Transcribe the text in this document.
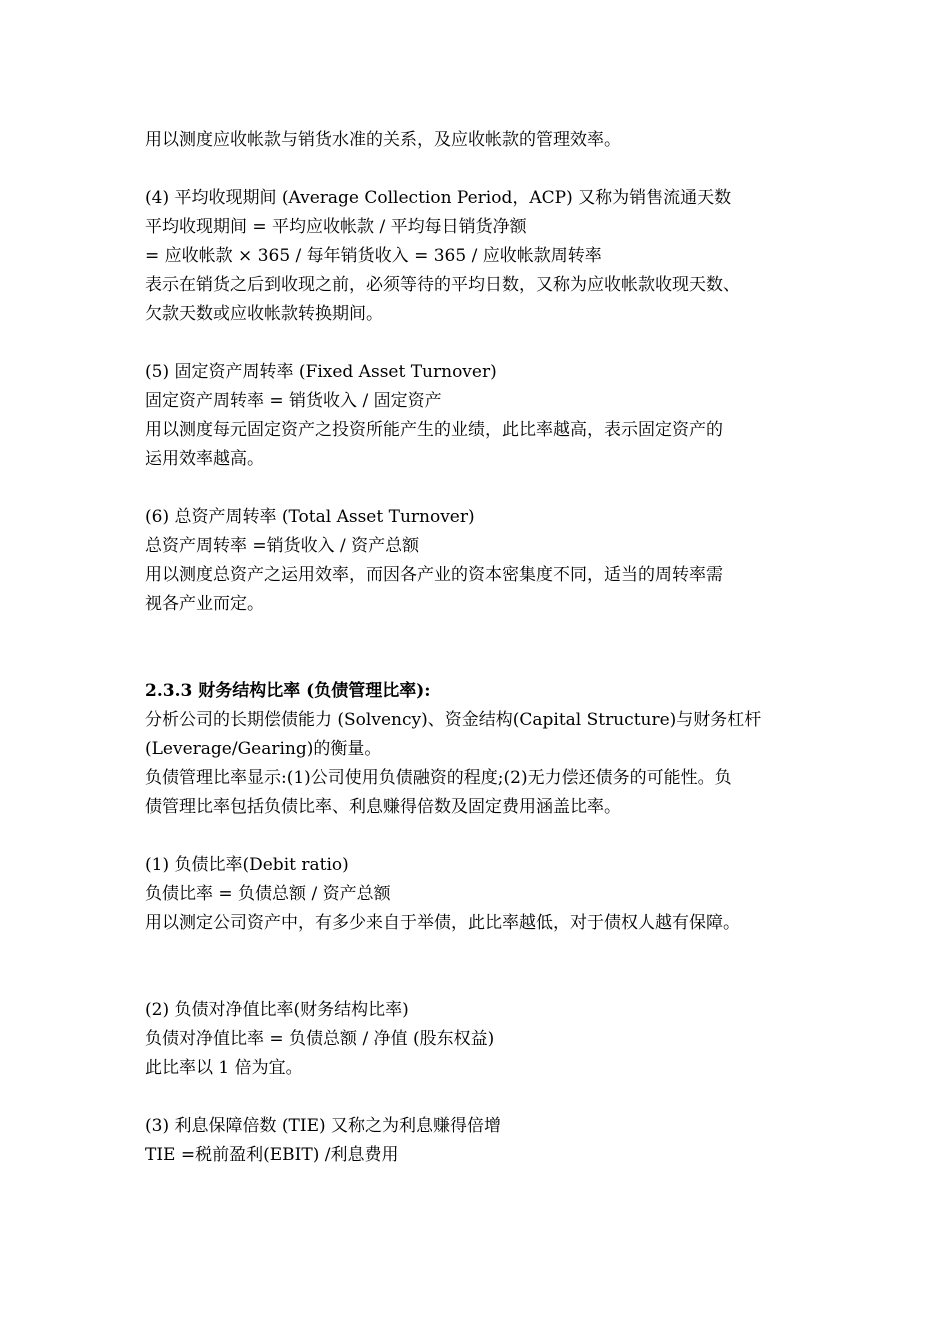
用以测度应收帐款与销货水准的关系，及应收帐款的管理效率。
(4) 平均收现期间 (Average Collection Period，ACP) 又称为销售流通天数
平均收现期间 = 平均应收帐款 / 平均每日销货净额
= 应收帐款 × 365 / 每年销货收入 = 365 / 应收帐款周转率
表示在销货之后到收现之前，必须等待的平均日数，又称为应收帐款收现天数、
欠款天数或应收帐款转换期间。
(5) 固定资产周转率 (Fixed Asset Turnover)
固定资产周转率 = 销货收入 / 固定资产
用以测度每元固定资产之投资所能产生的业绩，此比率越高，表示固定资产的
运用效率越高。
(6) 总资产周转率 (Total Asset Turnover)
总资产周转率 =销货收入 / 资产总额
用以测度总资产之运用效率，而因各产业的资本密集度不同，适当的周转率需
视各产业而定。
2.3.3 财务结构比率 (负债管理比率):
分析公司的长期偿债能力 (Solvency)、资金结构(Capital Structure)与财务杠杆
(Leverage/Gearing)的衡量。
负债管理比率显示:(1)公司使用负债融资的程度;(2)无力偿还债务的可能性。负
债管理比率包括负债比率、利息赚得倍数及固定费用涵盖比率。
(1) 负债比率(Debit ratio)
负债比率 = 负债总额 / 资产总额
用以测定公司资产中，有多少来自于举债，此比率越低，对于债权人越有保障。
(2) 负债对净值比率(财务结构比率)
负债对净值比率 = 负债总额 / 净值 (股东权益)
此比率以 1 倍为宜。
(3) 利息保障倍数 (TIE) 又称之为利息赚得倍增
TIE =税前盈利(EBIT) /利息费用
